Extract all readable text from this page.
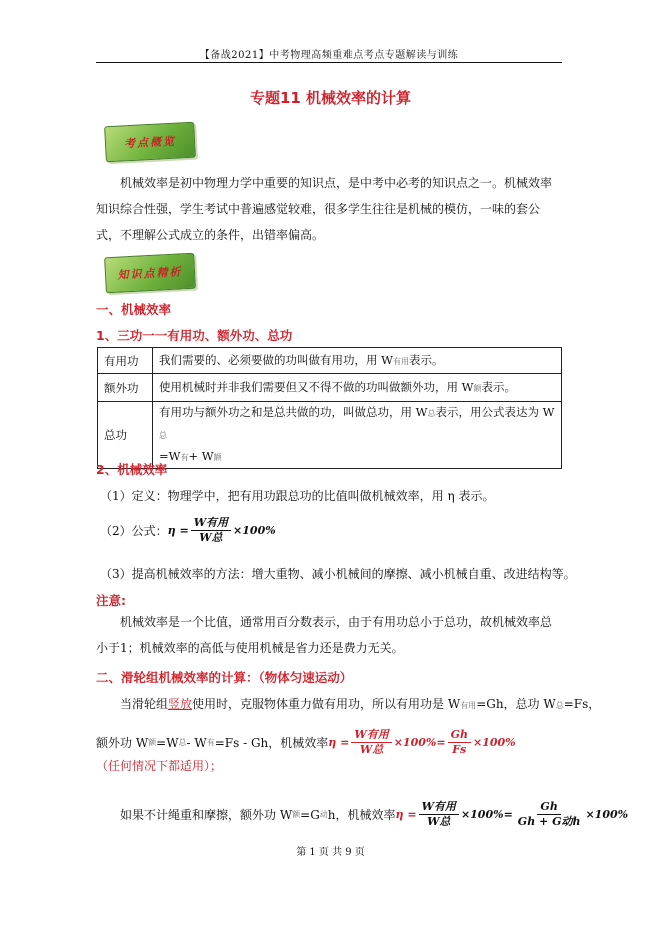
【备战2021】中考物理高频重难点考点专题解读与训练
专题11 机械效率的计算
考点概览
机械效率是初中物理力学中重要的知识点，是中考中必考的知识点之一。机械效率知识综合性强，学生考试中普遍感觉较难，很多学生往往是机械的模仿，一味的套公式，不理解公式成立的条件，出错率偏高。
知识点精析
一、机械效率
1、三功一一有用功、额外功、总功
有用功	我们需要的、必须要做的功叫做有用功，用 W有用表示。
额外功	使用机械时并非我们需要但又不得不做的功叫做额外功，用 W额表示。
总功	有用功与额外功之和是总共做的功，叫做总功，用 W总表示，用公式表达为 W总
=W有+ W额
2、机械效率
（1）定义：物理学中，把有用功跟总功的比值叫做机械效率，用 η 表示。
（2）公式： $\eta = \frac{\text{W有用}}{\text{W总}} \times 100\%$
（3）提高机械效率的方法：增大重物、减小机械间的摩擦、减小机械自重、改进结构等。
注意:
机械效率是一个比值，通常用百分数表示，由于有用功总小于总功，故机械效率总小于1；机械效率的高低与使用机械是省力还是费力无关。
二、滑轮组机械效率的计算：（物体匀速运动）
当滑轮组竖放使用时，克服物体重力做有用功，所以有用功是 W有用=Gh，总功 W总=Fs，
额外功 W 额 =W 总 - W 有 =Fs - Gh，机械效率 $\eta = \frac{\text{W有用}}{\text{W总}} \times 100\%= \frac{Gh}{Fs} \times 100\%$
（任何情况下都适用）；
如果不计绳重和摩擦，额外功 W 额 =G 动 h，机械效率 $\eta = \frac{\text{W有用}}{\text{W总}} \times 100\%= \frac{Gh}{\text{Gh + G动h}} \times 100\%$
第 1 页 共 9 页
